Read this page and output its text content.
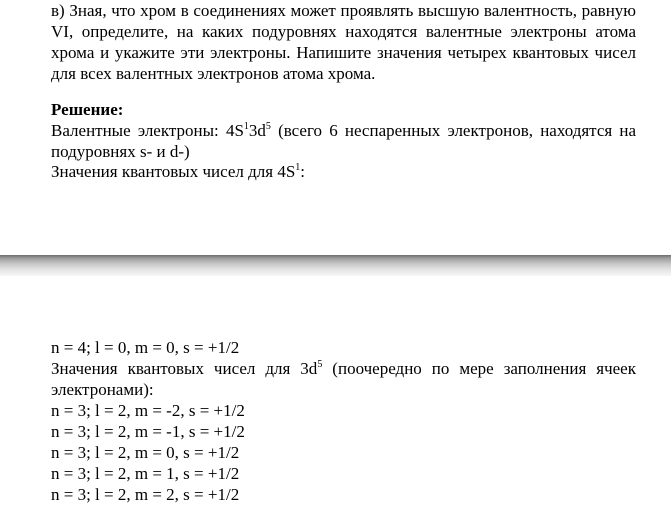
в) Зная, что хром в соединениях может проявлять высшую валентность, равную VI, определите, на каких подуровнях находятся валентные электроны атома хрома и укажите эти электроны. Напишите значения четырех квантовых чисел для всех валентных электронов атома хрома.
Решение:
Валентные электроны: $4S^13d^5$ (всего 6 неспаренных электронов, находятся на подуровнях s- и d-)
Значения квантовых чисел для $4S^1$:
n = 4; l = 0, m = 0, s = +1/2
Значения квантовых чисел для $3d^5$ (поочередно по мере заполнения ячеек электронами):
n = 3; l = 2, m = -2, s = +1/2
n = 3; l = 2, m = -1, s = +1/2
n = 3; l = 2, m = 0, s = +1/2
n = 3; l = 2, m = 1, s = +1/2
n = 3; l = 2, m = 2, s = +1/2
